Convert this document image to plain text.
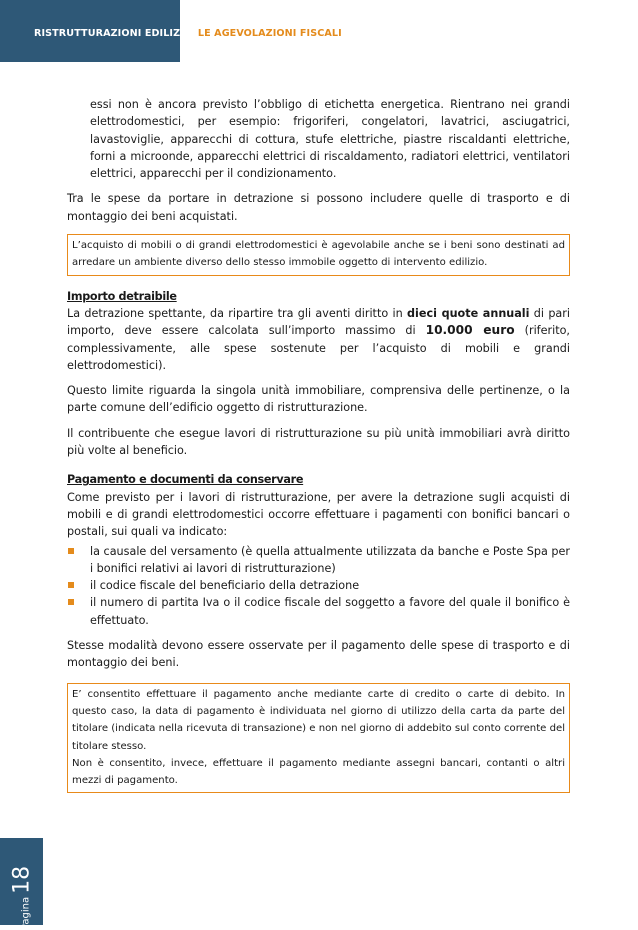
RISTRUTTURAZIONI EDILIZIE: LE AGEVOLAZIONI FISCALI

essi non è ancora previsto l’obbligo di etichetta energetica. Rientrano nei grandi elettrodomestici, per esempio: frigoriferi, congelatori, lavatrici, asciugatrici, lavastoviglie, apparecchi di cottura, stufe elettriche, piastre riscaldanti elettriche, forni a microonde, apparecchi elettrici di riscaldamento, radiatori elettrici, ventilatori elettrici, apparecchi per il condizionamento.

Tra le spese da portare in detrazione si possono includere quelle di trasporto e di montaggio dei beni acquistati.

L’acquisto di mobili o di grandi elettrodomestici è agevolabile anche se i beni sono destinati ad arredare un ambiente diverso dello stesso immobile oggetto di intervento edilizio.

Importo detraibile

La detrazione spettante, da ripartire tra gli aventi diritto in dieci quote annuali di pari importo, deve essere calcolata sull’importo massimo di 10.000 euro (riferito, complessivamente, alle spese sostenute per l’acquisto di mobili e grandi elettrodomestici).

Questo limite riguarda la singola unità immobiliare, comprensiva delle pertinenze, o la parte comune dell’edificio oggetto di ristrutturazione.

Il contribuente che esegue lavori di ristrutturazione su più unità immobiliari avrà diritto più volte al beneficio.

Pagamento e documenti da conservare

Come previsto per i lavori di ristrutturazione, per avere la detrazione sugli acquisti di mobili e di grandi elettrodomestici occorre effettuare i pagamenti con bonifici bancari o postali, sui quali va indicato:

la causale del versamento (è quella attualmente utilizzata da banche e Poste Spa per i bonifici relativi ai lavori di ristrutturazione)
il codice fiscale del beneficiario della detrazione
il numero di partita Iva o il codice fiscale del soggetto a favore del quale il bonifico è effettuato.

Stesse modalità devono essere osservate per il pagamento delle spese di trasporto e di montaggio dei beni.

E’ consentito effettuare il pagamento anche mediante carte di credito o carte di debito. In questo caso, la data di pagamento è individuata nel giorno di utilizzo della carta da parte del titolare (indicata nella ricevuta di transazione) e non nel giorno di addebito sul conto corrente del titolare stesso.
Non è consentito, invece, effettuare il pagamento mediante assegni bancari, contanti o altri mezzi di pagamento.
Pagina18
